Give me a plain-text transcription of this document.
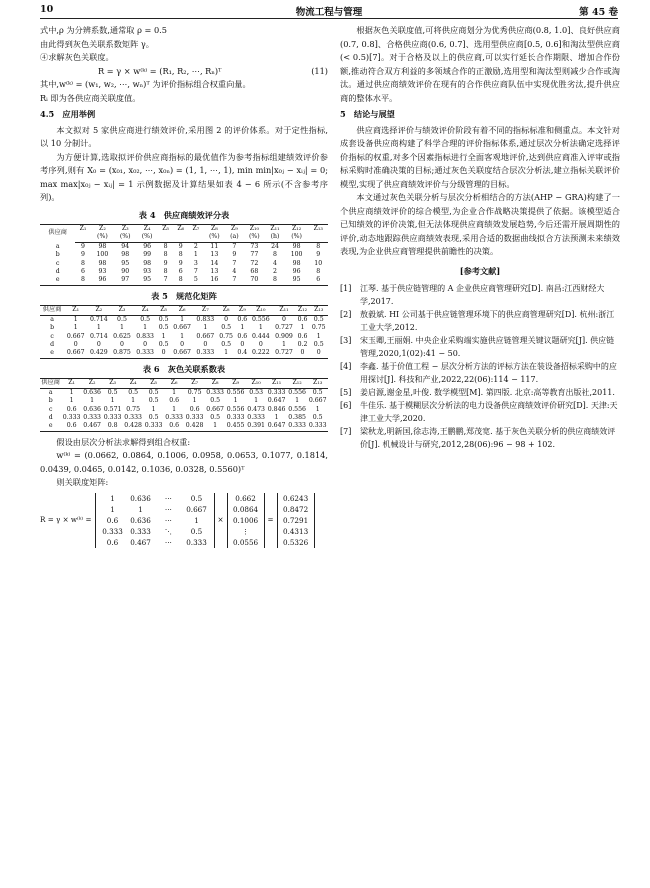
10	物流工程与管理	第 45 卷

式中,ρ 为分辨系数,通常取 ρ = 0.5

由此得到灰色关联系数矩阵 γ。

④求解灰色关联度。

R = γ × w⁽ᵏ⁾ = (R₁, R₂, ⋯, Rₙ)ᵀ	(11)

其中,w⁽ᵏ⁾ = (w₁, w₂, ⋯, wₙ)ᵀ 为评价指标组合权重向量。

Rᵢ 即为各供应商关联度值。

4.5　应用举例

本文拟对 5 家供应商进行绩效评价,采用图 2 的评价体系。对于定性指标,以 10 分制计。

为方便计算,选取拟评价供应商指标的最优值作为参考指标组建绩效评价参考序列,则有 X₀ = (x₀₁, x₀₂, ⋯, x₀ₙ) = (1, 1, ⋯, 1), min min|x₀ⱼ − xᵢⱼ| = 0; max max|x₀ⱼ − xᵢⱼ| = 1 示例数据及计算结果如表 4 − 6 所示(不含参考序列)。

表 4　供应商绩效评分表
供应商	Z₁	Z₂	Z₃	Z₄	Z₅	Z₆	Z₇	Z₈	Z₉	Z₁₀	Z₁₁	Z₁₂	Z₁₃
		(%)	(%)	(%)				(%)	(a)	(%)	(h)	(%)	
a	9	98	94	96	8	9	2	11	7	73	24	98	8
b	9	100	98	99	8	8	1	13	9	77	8	100	9
c	8	98	95	98	9	9	3	14	7	72	4	98	10
d	6	93	90	93	8	6	7	13	4	68	2	96	8
e	8	96	97	95	7	8	5	16	7	70	8	95	6
表 5　规范化矩阵
供应商	Z₁	Z₂	Z₃	Z₄	Z₅	Z₆	Z₇	Z₈	Z₉	Z₁₀	Z₁₁	Z₁₂	Z₁₃
a	1	0.714	0.5	0.5	0.5	1	0.833	0	0.6	0.556	0	0.6	0.5
b	1	1	1	1	0.5	0.667	1	0.5	1	1	0.727	1	0.75
c	0.667	0.714	0.625	0.833	1	1	0.667	0.75	0.6	0.444	0.909	0.6	1
d	0	0	0	0	0.5	0	0	0.5	0	0	1	0.2	0.5
e	0.667	0.429	0.875	0.333	0	0.667	0.333	1	0.4	0.222	0.727	0	0
表 6　灰色关联系数表
供应商	Z₁	Z₂	Z₃	Z₄	Z₅	Z₆	Z₇	Z₈	Z₉	Z₁₀	Z₁₁	Z₁₂	Z₁₃
a	1	0.636	0.5	0.5	0.5	1	0.75	0.333	0.556	0.53	0.333	0.556	0.5
b	1	1	1	1	0.5	0.6	1	0.5	1	1	0.647	1	0.667
c	0.6	0.636	0.571	0.75	1	1	0.6	0.667	0.556	0.473	0.846	0.556	1
d	0.333	0.333	0.333	0.333	0.5	0.333	0.333	0.5	0.333	0.333	1	0.385	0.5
e	0.6	0.467	0.8	0.428	0.333	0.6	0.428	1	0.455	0.391	0.647	0.333	0.333

假设由层次分析法求解得到组合权重:

w⁽ᵏ⁾ = (0.0662, 0.0864, 0.1006, 0.0958, 0.0653, 0.1077, 0.1814, 0.0439, 0.0465, 0.0142, 0.1036, 0.0328, 0.5560)ᵀ

则关联度矩阵:

R = γ × w⁽ᵏ⁾ =
1	0.636	⋯	0.5
1	1	⋯	0.667
0.6	0.636	⋯	1
0.333	0.333	⋱	0.5
0.6	0.467	⋯	0.333
×
0.662
0.0864
0.1006
⋮
0.0556
=
0.6243
0.8472
0.7291
0.4313
0.5326

根据灰色关联度值,可将供应商划分为优秀供应商(0.8, 1.0]、良好供应商(0.7, 0.8]、合格供应商(0.6, 0.7]、选用型供应商[0.5, 0.6]和淘汰型供应商(< 0.5)[7]。对于合格及以上的供应商,可以实行延长合作期限、增加合作份额,推动符合双方利益的多领域合作的正激励,选用型和淘汰型则减少合作或淘汰。通过供应商绩效评价在现有的合作供应商队伍中实现优胜劣汰,提升供应商的整体水平。

5　结论与展望

供应商选择评价与绩效评价阶段有着不同的指标标准和侧重点。本文针对成套设备供应商构建了科学合理的评价指标体系,通过层次分析法确定选择评价指标的权重,对多个因素指标进行全面客观地评价,达到供应商准入评审或指标采购时准确决策的目标;通过灰色关联度结合层次分析法,建立指标关联评价模型,实现了供应商绩效评价与分级管理的目标。

本文通过灰色关联分析与层次分析相结合的方法(AHP − GRA)构建了一个供应商绩效评价的综合模型,为企业合作战略决策提供了依据。该模型适合已知绩效的评价决策,但无法体现供应商绩效发展趋势,今后还需开展周期性的评价,动态地跟踪供应商绩效表现,采用合适的数据曲线拟合方法预测未来绩效表现,为企业供应商管理提供前瞻性的决策。

[参考文献]
[1]	江琴. 基于供应链管理的 A 企业供应商管理研究[D]. 南昌:江西财经大学,2017.
[2]	敖毅斌. HI 公司基于供应链管理环境下的供应商管理研究[D]. 杭州:浙江工业大学,2012.
[3]	宋玉卿,王丽娟. 中央企业采购端实施供应链管理关键议题研究[J]. 供应链管理,2020,1(02):41 − 50.
[4]	李鑫. 基于价值工程 − 层次分析方法的评标方法在装设备招标采购中的应用探讨[J]. 科技和产业,2022,22(06):114 − 117.
[5]	姜启源,谢金星,叶俊. 数学模型[M]. 第四版. 北京:高等教育出版社,2011.
[6]	牛佳乐. 基于模糊层次分析法的电力设备供应商绩效评价研究[D]. 天津:天津工业大学,2020.
[7]	梁秋龙,明新国,徐志涛,王鹏鹏,郑茂宽. 基于灰色关联分析的供应商绩效评价[J]. 机械设计与研究,2012,28(06):96 − 98 + 102.
